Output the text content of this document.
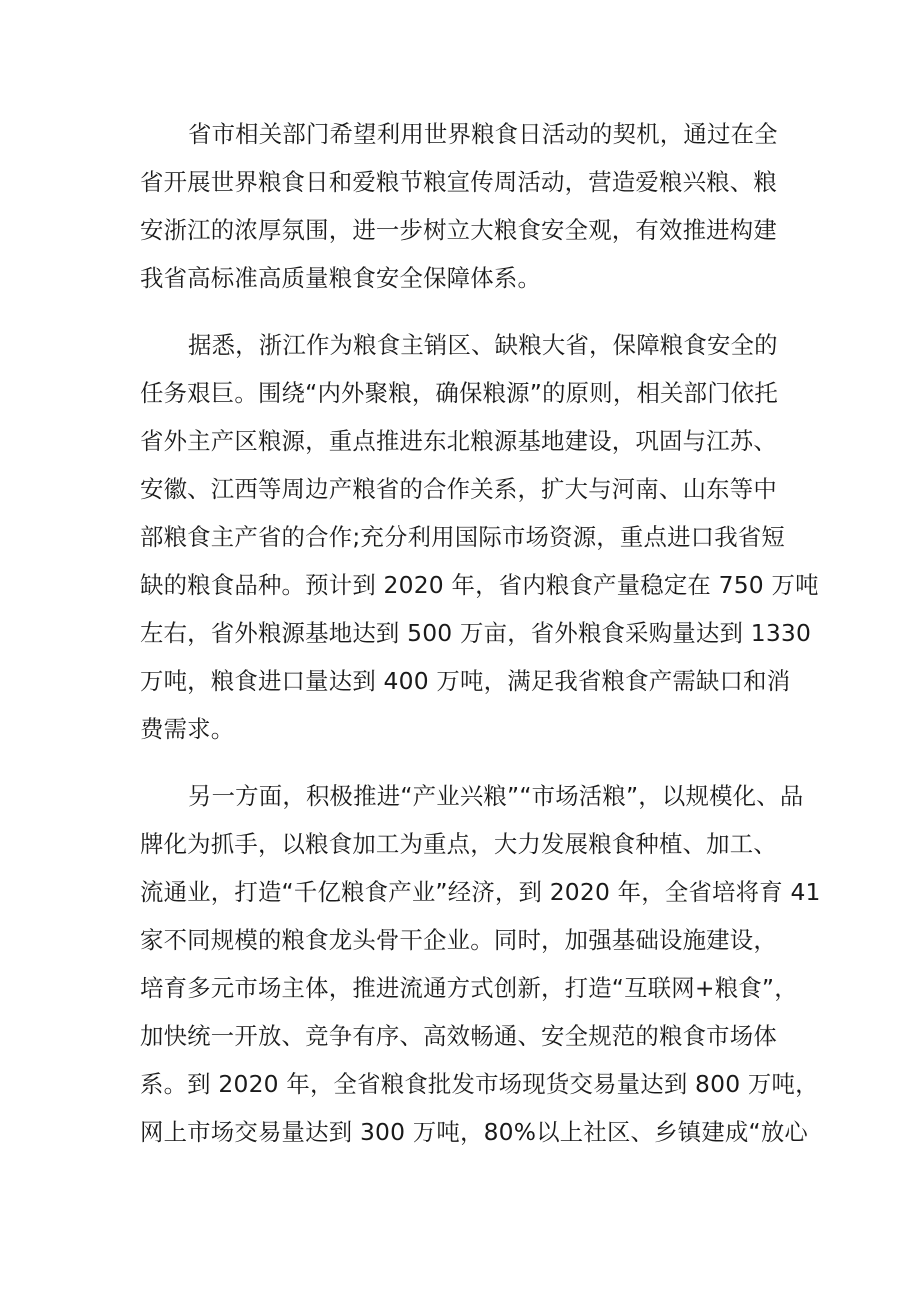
省市相关部门希望利用世界粮食日活动的契机，通过在全
省开展世界粮食日和爱粮节粮宣传周活动，营造爱粮兴粮、粮
安浙江的浓厚氛围，进一步树立大粮食安全观，有效推进构建
我省高标准高质量粮食安全保障体系。

据悉，浙江作为粮食主销区、缺粮大省，保障粮食安全的
任务艰巨。围绕“内外聚粮，确保粮源”的原则，相关部门依托
省外主产区粮源，重点推进东北粮源基地建设，巩固与江苏、
安徽、江西等周边产粮省的合作关系，扩大与河南、山东等中
部粮食主产省的合作;充分利用国际市场资源，重点进口我省短
缺的粮食品种。预计到 2020 年，省内粮食产量稳定在 750 万吨
左右，省外粮源基地达到 500 万亩，省外粮食采购量达到 1330
万吨，粮食进口量达到 400 万吨，满足我省粮食产需缺口和消
费需求。

另一方面，积极推进“产业兴粮”“市场活粮”，以规模化、品
牌化为抓手，以粮食加工为重点，大力发展粮食种植、加工、
流通业，打造“千亿粮食产业”经济，到 2020 年，全省培将育 41
家不同规模的粮食龙头骨干企业。同时，加强基础设施建设，
培育多元市场主体，推进流通方式创新，打造“互联网+粮食”，
加快统一开放、竞争有序、高效畅通、安全规范的粮食市场体
系。到 2020 年，全省粮食批发市场现货交易量达到 800 万吨，
网上市场交易量达到 300 万吨，80%以上社区、乡镇建成“放心
